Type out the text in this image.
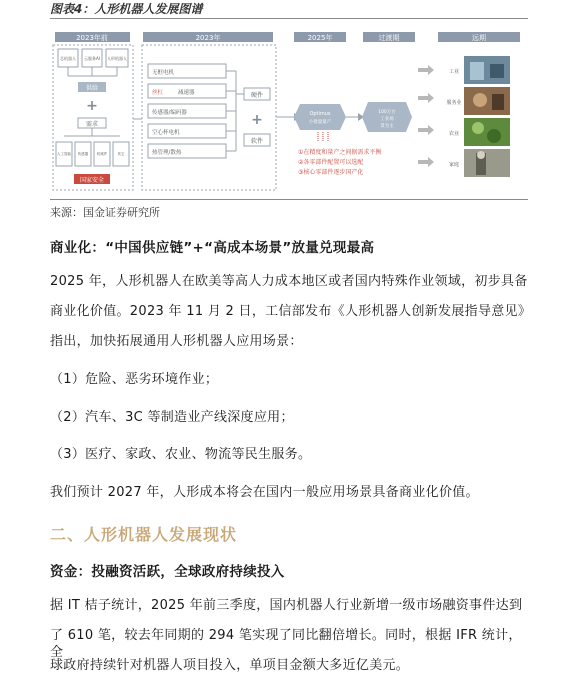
图表4：人形机器人发展图谱
2023年前	2023年	2025年	过渡期	远期
芯机器人 云服务AI 人形机器人
供给
+
需求
人工智能 传感器 机械件	其它
国家安全
无框电机
丝杠	减速器
传感器/编码器
空心杯电机
热管理/散热
硬件
+
软件
Optimus
小批量量产
100万台
工业场
景为主
①在精度和量产之间据需求平衡
②各零部件配置可以选配
③核心零部件逐步国产化
工业
服务业
农业
家庭
来源：国金证券研究所
商业化：“中国供应链”+“高成本场景”放量兑现最高
2025 年，人形机器人在欧美等高人力成本地区或者国内特殊作业领域，初步具备
商业化价值。2023 年 11 月 2 日，工信部发布《人形机器人创新发展指导意见》
指出，加快拓展通用人形机器人应用场景：
（1）危险、恶劣环境作业；
（2）汽车、3C 等制造业产线深度应用；
（3）医疗、家政、农业、物流等民生服务。
我们预计 2027 年，人形成本将会在国内一般应用场景具备商业化价值。
二、人形机器人发展现状
资金：投融资活跃，全球政府持续投入
据 IT 桔子统计，2025 年前三季度，国内机器人行业新增一级市场融资事件达到
了 610 笔，较去年同期的 294 笔实现了同比翻倍增长。同时，根据 IFR 统计，全
球政府持续针对机器人项目投入，单项目金额大多近亿美元。
